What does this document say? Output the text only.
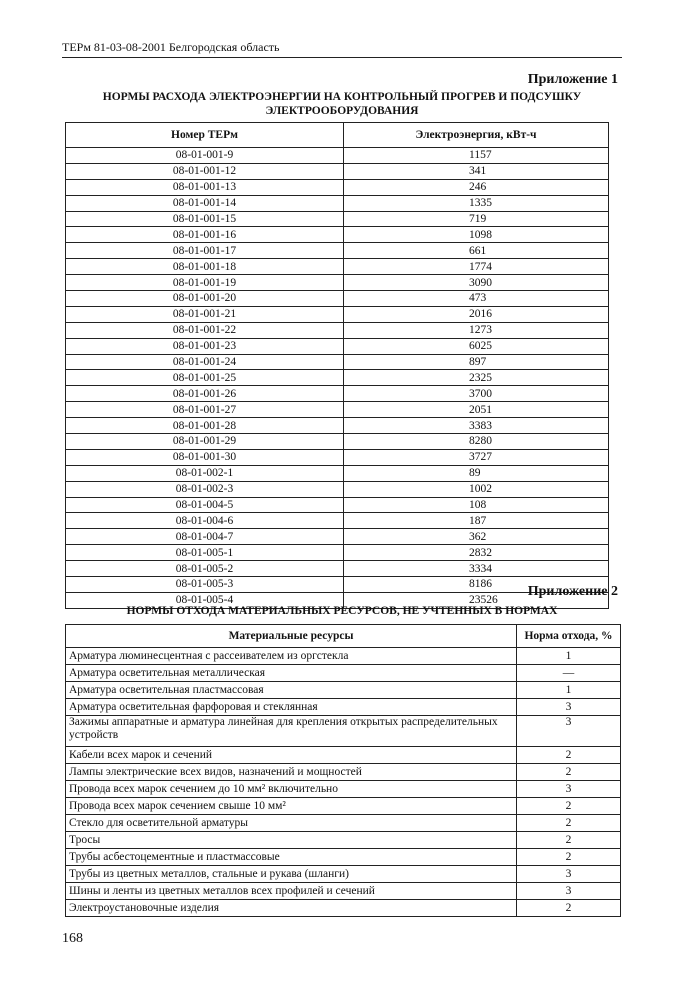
ТЕРм 81-03-08-2001 Белгородская область
Приложение 1
НОРМЫ РАСХОДА ЭЛЕКТРОЭНЕРГИИ НА КОНТРОЛЬНЫЙ ПРОГРЕВ И ПОДСУШКУ
ЭЛЕКТРООБОРУДОВАНИЯ
Номер ТЕРм	Электроэнергия, кВт-ч
08-01-001-9	1157
08-01-001-12	341
08-01-001-13	246
08-01-001-14	1335
08-01-001-15	719
08-01-001-16	1098
08-01-001-17	661
08-01-001-18	1774
08-01-001-19	3090
08-01-001-20	473
08-01-001-21	2016
08-01-001-22	1273
08-01-001-23	6025
08-01-001-24	897
08-01-001-25	2325
08-01-001-26	3700
08-01-001-27	2051
08-01-001-28	3383
08-01-001-29	8280
08-01-001-30	3727
08-01-002-1	89
08-01-002-3	1002
08-01-004-5	108
08-01-004-6	187
08-01-004-7	362
08-01-005-1	2832
08-01-005-2	3334
08-01-005-3	8186
08-01-005-4	23526
Приложение 2
НОРМЫ ОТХОДА МАТЕРИАЛЬНЫХ РЕСУРСОВ, НЕ УЧТЕННЫХ В НОРМАХ
Материальные ресурсы	Норма отхода, %
Арматура люминесцентная с рассеивателем из оргстекла	1
Арматура осветительная металлическая	—
Арматура осветительная пластмассовая	1
Арматура осветительная фарфоровая и стеклянная	3
Зажимы аппаратные и арматура линейная для крепления открытых распределительных устройств	3
Кабели всех марок и сечений	2
Лампы электрические всех видов, назначений и мощностей	2
Провода всех марок сечением до 10 мм² включительно	3
Провода всех марок сечением свыше 10 мм²	2
Стекло для осветительной арматуры	2
Тросы	2
Трубы асбестоцементные и пластмассовые	2
Трубы из цветных металлов, стальные и рукава (шланги)	3
Шины и ленты из цветных металлов всех профилей и сечений	3
Электроустановочные изделия	2
168
